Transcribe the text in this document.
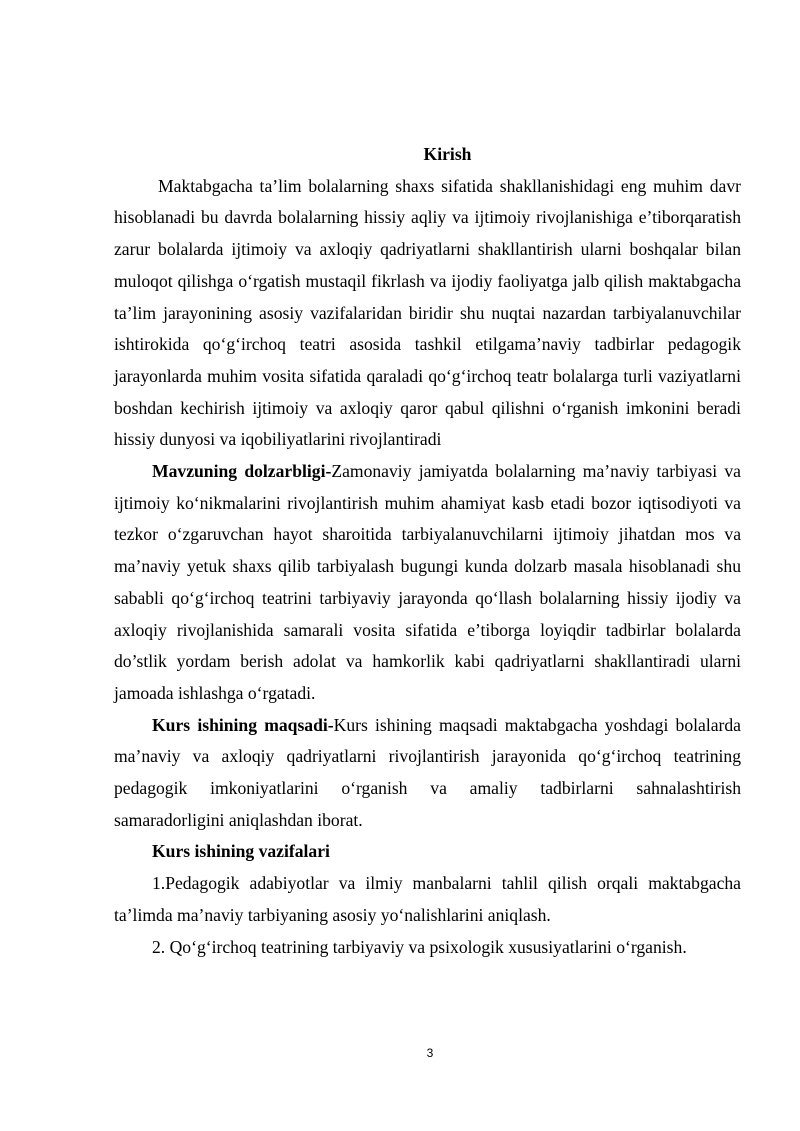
Kirish

Maktabgacha ta’lim bolalarning shaxs sifatida shakllanishidagi eng muhim davr hisoblanadi bu davrda bolalarning hissiy aqliy va ijtimoiy rivojlanishiga e’tiborqaratish zarur bolalarda ijtimoiy va axloqiy qadriyatlarni shakllantirish ularni boshqalar bilan muloqot qilishga o‘rgatish mustaqil fikrlash va ijodiy faoliyatga jalb qilish maktabgacha ta’lim jarayonining asosiy vazifalaridan biridir shu nuqtai nazardan tarbiyalanuvchilar ishtirokida qo‘g‘irchoq teatri asosida tashkil etilgama’naviy tadbirlar pedagogik jarayonlarda muhim vosita sifatida qaraladi qo‘g‘irchoq teatr bolalarga turli vaziyatlarni boshdan kechirish ijtimoiy va axloqiy qaror qabul qilishni o‘rganish imkonini beradi hissiy dunyosi va iqobiliyatlarini rivojlantiradi

Mavzuning dolzarbligi-Zamonaviy jamiyatda bolalarning ma’naviy tarbiyasi va ijtimoiy ko‘nikmalarini rivojlantirish muhim ahamiyat kasb etadi bozor iqtisodiyoti va tezkor o‘zgaruvchan hayot sharoitida tarbiyalanuvchilarni ijtimoiy jihatdan mos va ma’naviy yetuk shaxs qilib tarbiyalash bugungi kunda dolzarb masala hisoblanadi shu sababli qo‘g‘irchoq teatrini tarbiyaviy jarayonda qo‘llash bolalarning hissiy ijodiy va axloqiy rivojlanishida samarali vosita sifatida e’tiborga loyiqdir tadbirlar bolalarda do’stlik yordam berish adolat va hamkorlik kabi qadriyatlarni shakllantiradi ularni jamoada ishlashga o‘rgatadi.

Kurs ishining maqsadi-Kurs ishining maqsadi maktabgacha yoshdagi bolalarda ma’naviy va axloqiy qadriyatlarni rivojlantirish jarayonida qo‘g‘irchoq teatrining pedagogik imkoniyatlarini o‘rganish va amaliy tadbirlarni sahnalashtirish samaradorligini aniqlashdan iborat.

Kurs ishining vazifalari

1.Pedagogik adabiyotlar va ilmiy manbalarni tahlil qilish orqali maktabgacha ta’limda ma’naviy tarbiyaning asosiy yo‘nalishlarini aniqlash.

2. Qo‘g‘irchoq teatrining tarbiyaviy va psixologik xususiyatlarini o‘rganish.

3
